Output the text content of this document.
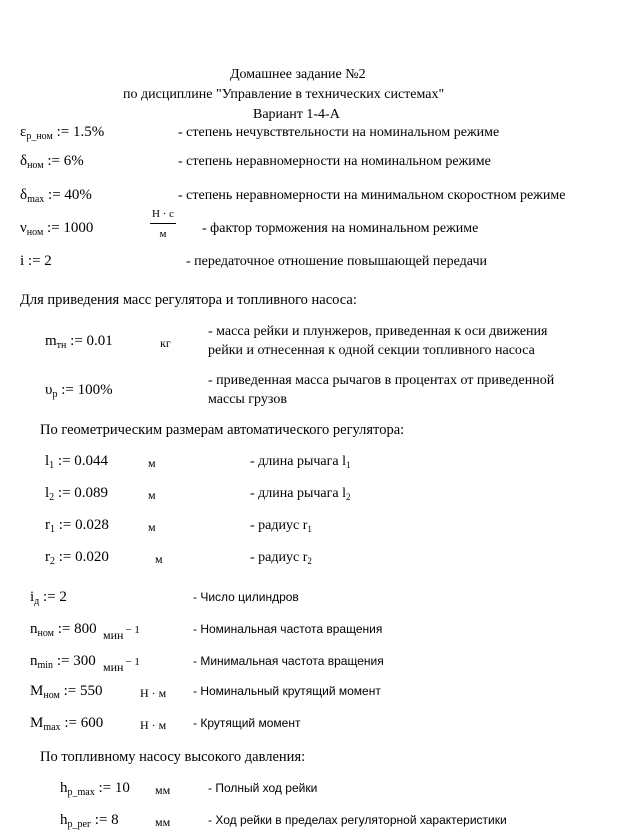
Домашнее задание №2
по дисциплине "Управление в технических системах"
Вариант 1-4-А
Для приведения масс регулятора и топливного насоса:
По геометрическим размерам автоматического регулятора:
По топливному насосу высокого давления:
$\varepsilon_{р\_ном}$ := 1.5%	- степень нечувствтельности на номинальном режиме
$\delta_{ном}$ := 6%	- степень неравномерности на номинальном режиме
$\delta_{max}$ := 40%	- степень неравномерности на минимальном скоростном режиме
$\nu_{ном}$ := 1000
Н · с
м	- фактор торможения на номинальном режиме
i := 2	- передаточное отношение повышающей передачи
$m_{тн}$ := 0.01	кг
- масса рейки и плунжеров, приведенная к оси движения
рейки и отнесенная к одной секции топливного насоса
$\upsilon_р$ := 100%
- приведенная масса рычагов в процентах от приведенной
массы грузов
$l_1$ := 0.044	м	- длина рычага $l_1$
$l_2$ := 0.089	м	- длина рычага $l_2$
$r_1$ := 0.028	м	- радиус $r_1$
$r_2$ := 0.020	м	- радиус $r_2$
$i_д$ := 2	- Число цилиндров
$n_{ном}$ := 800 мин $^{- 1}$	- Номинальная частота вращения
$n_{min}$ := 300 мин $^{- 1}$	- Минимальная частота вращения
$M_{ном}$ := 550	Н · м - Номинальный крутящий момент
$M_{max}$ := 600	Н · м - Крутящий момент
$h_{р\_max}$ := 10 мм	- Полный ход рейки
$h_{р\_рег}$ := 8	мм	- Ход рейки в пределах регуляторной характеристики
